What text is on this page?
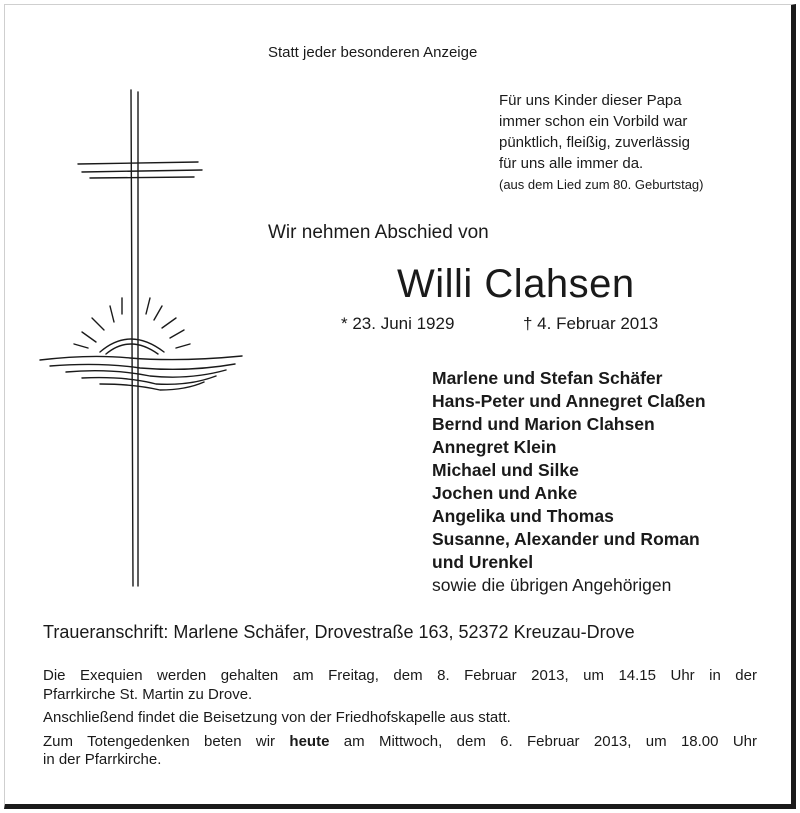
Statt jeder besonderen Anzeige
Für uns Kinder dieser Papa
immer schon ein Vorbild war
pünktlich, fleißig, zuverlässig
für uns alle immer da.
(aus dem Lied zum 80. Geburtstag)
Wir nehmen Abschied von
Willi Clahsen
* 23. Juni 1929	† 4. Februar 2013
Marlene und Stefan Schäfer
Hans-Peter und Annegret Claßen
Bernd und Marion Clahsen
Annegret Klein
Michael und Silke
Jochen und Anke
Angelika und Thomas
Susanne, Alexander und Roman
und Urenkel
sowie die übrigen Angehörigen
Traueranschrift: Marlene Schäfer, Drovestraße 163, 52372 Kreuzau-Drove

Die Exequien werden gehalten am Freitag, dem 8. Februar 2013, um 14.15 Uhr in der
Pfarrkirche St. Martin zu Drove.

Anschließend findet die Beisetzung von der Friedhofskapelle aus statt.

Zum Totengedenken beten wir heute am Mittwoch, dem 6. Februar 2013, um 18.00 Uhr
in der Pfarrkirche.
